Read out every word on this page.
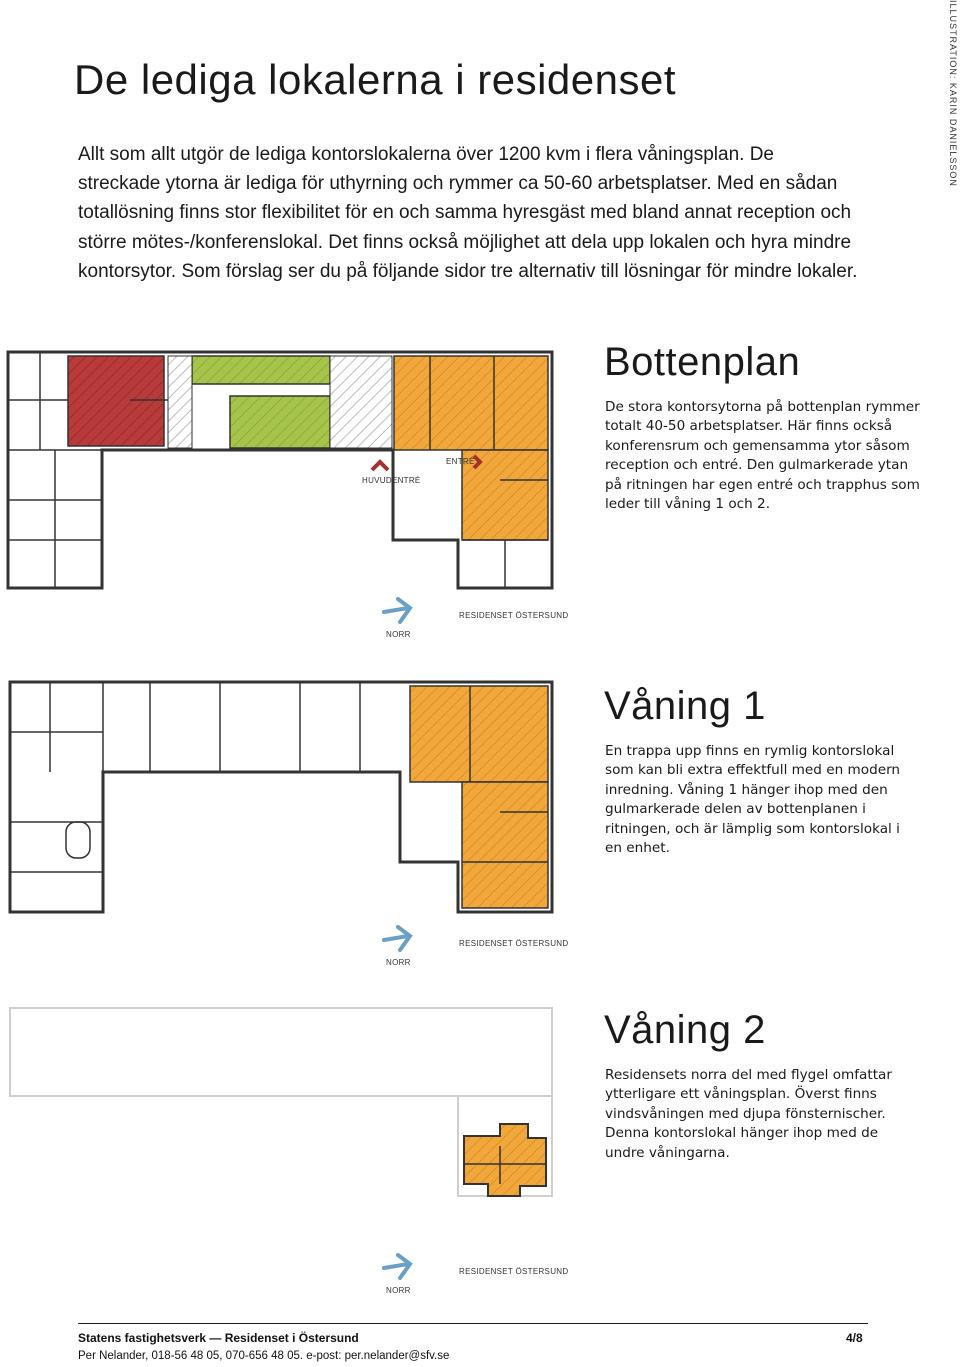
De lediga lokalerna i residenset	ILLUSTRATION: KARIN DANIELSSON

Allt som allt utgör de lediga kontorslokalerna över 1200 kvm i flera våningsplan. De streckade ytorna är lediga för uthyrning och rymmer ca 50-60 arbetsplatser. Med en sådan totallösning finns stor flexibilitet för en och samma hyresgäst med bland annat reception och större mötes-/konferenslokal. Det finns också möjlighet att dela upp lokalen och hyra mindre kontorsytor. Som förslag ser du på följande sidor tre alternativ till lösningar för mindre lokaler.

HUVUDENTRÉ
ENTRÉ
NORR
RESIDENSET ÖSTERSUND
Bottenplan

De stora kontorsytorna på bottenplan rymmer totalt 40-50 arbetsplatser. Här finns också konferensrum och gemensamma ytor såsom reception och entré. Den gulmarkerade ytan på ritningen har egen entré och trapphus som leder till våning 1 och 2.

NORR
RESIDENSET ÖSTERSUND
Våning 1

En trappa upp finns en rymlig kontorslokal som kan bli extra effektfull med en modern inredning. Våning 1 hänger ihop med den gulmarkerade delen av bottenplanen i ritningen, och är lämplig som kontorslokal i en enhet.

NORR
RESIDENSET ÖSTERSUND
Våning 2

Residensets norra del med flygel omfattar ytterligare ett våningsplan. Överst finns vindsvåningen med djupa fönsternischer. Denna kontorslokal hänger ihop med de undre våningarna.

Statens fastighetsverk — Residenset i Östersund	4/8
Per Nelander, 018-56 48 05, 070-656 48 05. e-post: per.nelander@sfv.se
